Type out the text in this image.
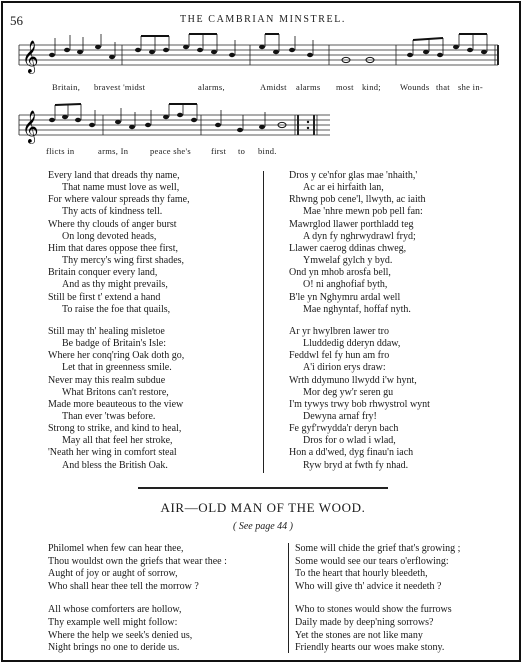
56	THE CAMBRIAN MINSTREL.
𝄞
𝄞
Britain, bravest 'midst	alarms,	Amidst alarms most kind; Wounds that she in-
flicts in	arms, In	peace she's first to bind.
Every land that dreads thy name,
That name must love as well,
For where valour spreads thy fame,
Thy acts of kindness tell.
Where thy clouds of anger burst
On long devoted heads,
Him that dares oppose thee first,
Thy mercy's wing first shades,
Britain conquer every land,
And as thy might prevails,
Still be first t' extend a hand
To raise the foe that quails,
Still may th' healing misletoe
Be badge of Britain's Isle:
Where her conq'ring Oak doth go,
Let that in greenness smile.
Never may this realm subdue
What Britons can't restore,
Made more beauteous to the view
Than ever 'twas before.
Strong to strike, and kind to heal,
May all that feel her stroke,
'Neath her wing in comfort steal
And bless the British Oak.
Dros y ce'nfor glas mae 'nhaith,'
Ac ar ei hirfaith lan,
Rhwng pob cene'l, llwyth, ac iaith
Mae 'nhre mewn pob pell fan:
Mawrglod llawer porthladd teg
A dyn fy nghrwydrawl fryd;
Llawer caerog ddinas chweg,
Ymwelaf gylch y byd.
Ond yn mhob arosfa bell,
O! ni anghofiaf byth,
B'le yn Nghymru ardal well
Mae nghyntaf, hoffaf nyth.
Ar yr hwylbren lawer tro
Lluddedig dderyn ddaw,
Feddwl fel fy hun am fro
A'i dirion erys draw:
Wrth ddymuno llwydd i'w hynt,
Mor deg yw'r seren gu
I'm tywys trwy bob rhwystrol wynt
Dewyna arnaf fry!
Fe gyf'rwydda'r deryn bach
Dros for o wlad i wlad,
Hon a dd'wed, dyg finau'n iach
Ryw bryd at fwth fy nhad.
AIR—OLD MAN OF THE WOOD.
( See page 44 )
Philomel when few can hear thee,
Thou wouldst own the griefs that wear thee :
Aught of joy or aught of sorrow,
Who shall hear thee tell the morrow ?
All whose comforters are hollow,
Thy example well might follow:
Where the help we seek's denied us,
Night brings no one to deride us.
Some will chide the grief that's growing ;
Some would see our tears o'erflowing:
To the heart that hourly bleedeth,
Who will give th' advice it needeth ?
Who to stones would show the furrows
Daily made by deep'ning sorrows?
Yet the stones are not like many
Friendly hearts our woes make stony.
